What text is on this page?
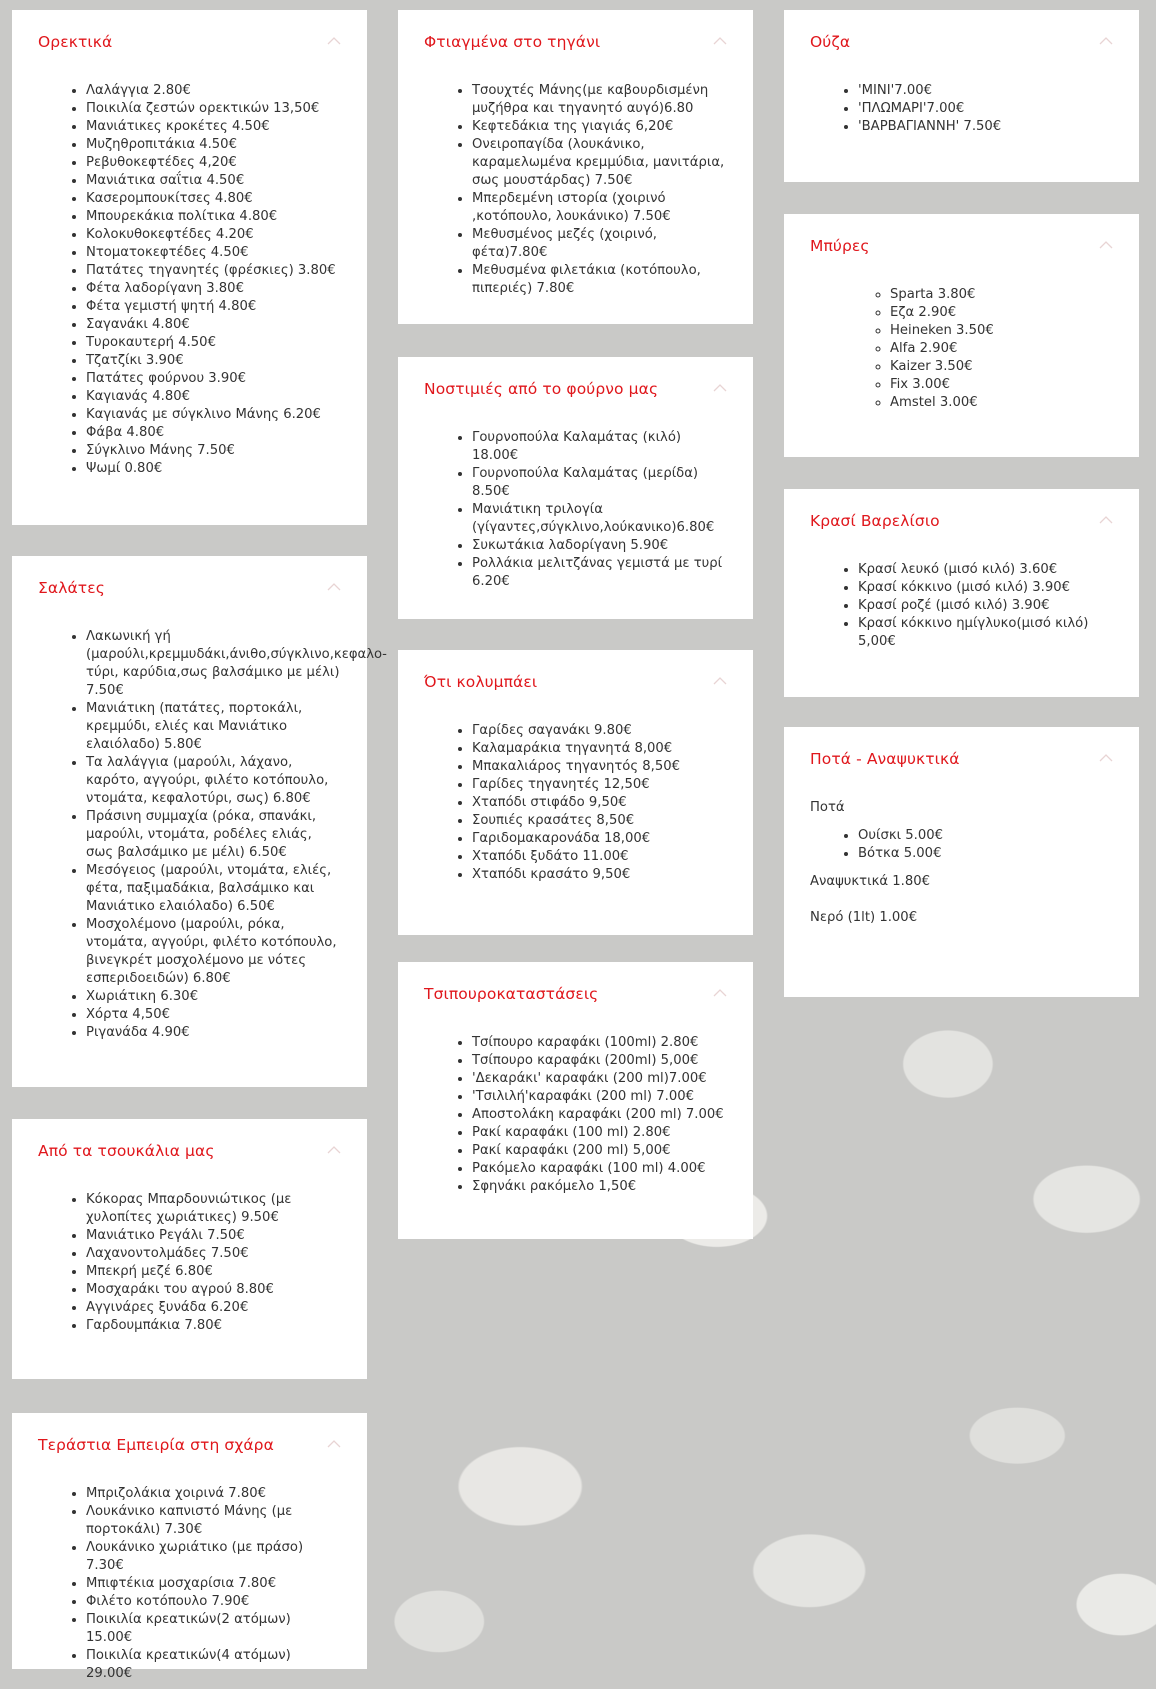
Ορεκτικά
• Λαλάγγια 2.80€
• Ποικιλία ζεστών ορεκτικών 13,50€
• Μανιάτικες κροκέτες 4.50€
• Μυζηθροπιτάκια 4.50€
• Ρεβυθοκεφτέδες 4,20€
• Μανιάτικα σαΐτια 4.50€
• Κασερομπουκίτσες 4.80€
• Μπουρεκάκια πολίτικα 4.80€
• Κολοκυθοκεφτέδες 4.20€
• Ντοματοκεφτέδες 4.50€
• Πατάτες τηγανητές (φρέσκιες) 3.80€
• Φέτα λαδορίγανη 3.80€
• Φέτα γεμιστή ψητή 4.80€
• Σαγανάκι 4.80€
• Τυροκαυτερή 4.50€
• Τζατζίκι 3.90€
• Πατάτες φούρνου 3.90€
• Καγιανάς 4.80€
• Καγιανάς με σύγκλινο Μάνης 6.20€
• Φάβα 4.80€
• Σύγκλινο Μάνης 7.50€
• Ψωμί 0.80€
Σαλάτες
• Λακωνική γή (μαρούλι,κρεμμυδάκι,άνιθο,σύγκλινο,κεφαλο-τύρι, καρύδια,σως βαλσάμικο με μέλι) 7.50€
• Μανιάτικη (πατάτες, πορτοκάλι, κρεμμύδι, ελιές και Μανιάτικο ελαιόλαδο) 5.80€
• Τα λαλάγγια (μαρούλι, λάχανο, καρότο, αγγούρι, φιλέτο κοτόπουλο, ντομάτα, κεφαλοτύρι, σως) 6.80€
• Πράσινη συμμαχία (ρόκα, σπανάκι, μαρούλι, ντομάτα, ροδέλες ελιάς, σως βαλσάμικο με μέλι) 6.50€
• Μεσόγειος (μαρούλι, ντομάτα, ελιές, φέτα, παξιμαδάκια, βαλσάμικο και Μανιάτικο ελαιόλαδο) 6.50€
• Μοσχολέμονο (μαρούλι, ρόκα, ντομάτα, αγγούρι, φιλέτο κοτόπουλο, βινεγκρέτ μοσχολέμονο με νότες εσπεριδοειδών) 6.80€
• Χωριάτικη 6.30€
• Χόρτα 4,50€
• Ριγανάδα 4.90€
Από τα τσουκάλια μας
• Κόκορας Μπαρδουνιώτικος (με χυλοπίτες χωριάτικες) 9.50€
• Μανιάτικο Ρεγάλι 7.50€
• Λαχανοντολμάδες 7.50€
• Μπεκρή μεζέ 6.80€
• Μοσχαράκι του αγρού 8.80€
• Αγγινάρες ξυνάδα 6.20€
• Γαρδουμπάκια 7.80€
Τεράστια Εμπειρία στη σχάρα
• Μπριζολάκια χοιρινά 7.80€
• Λουκάνικο καπνιστό Μάνης (με πορτοκάλι) 7.30€
• Λουκάνικο χωριάτικο (με πράσο) 7.30€
• Μπιφτέκια μοσχαρίσια 7.80€
• Φιλέτο κοτόπουλο 7.90€
• Ποικιλία κρεατικών(2 ατόμων) 15.00€
• Ποικιλία κρεατικών(4 ατόμων) 29.00€
Φτιαγμένα στο τηγάνι
• Τσουχτές Μάνης(με καβουρδισμένη μυζήθρα και τηγανητό αυγό)6.80
• Κεφτεδάκια της γιαγιάς 6,20€
• Ονειροπαγίδα (λουκάνικο, καραμελωμένα κρεμμύδια, μανιτάρια, σως μουστάρδας) 7.50€
• Μπερδεμένη ιστορία (χοιρινό ,κοτόπουλο, λουκάνικο) 7.50€
• Μεθυσμένος μεζές (χοιρινό, φέτα)7.80€
• Μεθυσμένα φιλετάκια (κοτόπουλο, πιπεριές) 7.80€
Νοστιμιές από το φούρνο μας
• Γουρνοπούλα Καλαμάτας (κιλό) 18.00€
• Γουρνοπούλα Καλαμάτας (μερίδα) 8.50€
• Μανιάτικη τριλογία (γίγαντες,σύγκλινο,λούκανικο)6.80€
• Συκωτάκια λαδορίγανη 5.90€
• Ρολλάκια μελιτζάνας γεμιστά με τυρί 6.20€
Ότι κολυμπάει
• Γαρίδες σαγανάκι 9.80€
• Καλαμαράκια τηγανητά 8,00€
• Μπακαλιάρος τηγανητός 8,50€
• Γαρίδες τηγανητές 12,50€
• Χταπόδι στιφάδο 9,50€
• Σουπιές κρασάτες 8,50€
• Γαριδομακαρονάδα 18,00€
• Χταπόδι ξυδάτο 11.00€
• Χταπόδι κρασάτο 9,50€
Τσιπουροκαταστάσεις
• Τσίπουρο καραφάκι (100ml) 2.80€
• Τσίπουρο καραφάκι (200ml) 5,00€
• 'Δεκαράκι' καραφάκι (200 ml)7.00€
• 'Τσιλιλή'καραφάκι (200 ml) 7.00€
• Αποστολάκη καραφάκι (200 ml) 7.00€
• Ρακί καραφάκι (100 ml) 2.80€
• Ρακί καραφάκι (200 ml) 5,00€
• Ρακόμελο καραφάκι (100 ml) 4.00€
• Σφηνάκι ρακόμελο 1,50€
Ούζα
• 'ΜΙΝΙ'7.00€
• 'ΠΛΩΜΑΡΙ'7.00€
• 'ΒΑΡΒΑΓΙΑΝΝΗ' 7.50€
Μπύρες
◦ Sparta 3.80€
◦ Εζα 2.90€
◦ Heineken 3.50€
◦ Alfa 2.90€
◦ Kaizer 3.50€
◦ Fix 3.00€
◦ Amstel 3.00€
Κρασί Βαρελίσιο
• Κρασί λευκό (μισό κιλό) 3.60€
• Κρασί κόκκινο (μισό κιλό) 3.90€
• Κρασί ροζέ (μισό κιλό) 3.90€
• Κρασί κόκκινο ημίγλυκο(μισό κιλό) 5,00€
Ποτά - Αναψυκτικά

Ποτά

• Ουίσκι 5.00€
• Βότκα 5.00€

Αναψυκτικά 1.80€

Νερό (1lt) 1.00€
